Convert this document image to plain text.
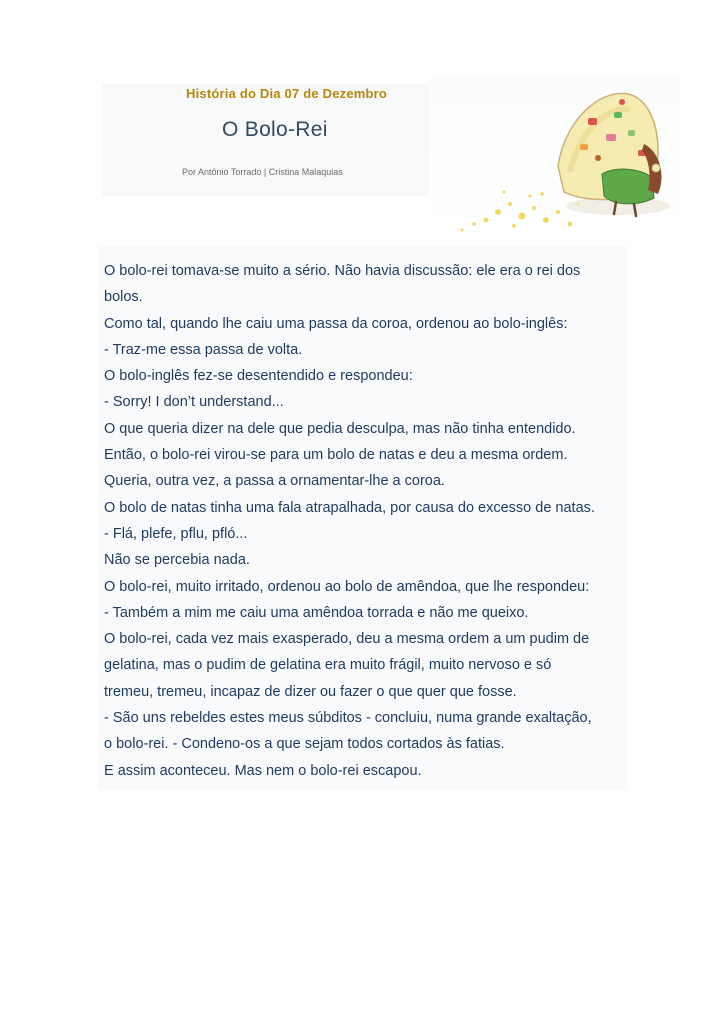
História do Dia 07 de Dezembro
O Bolo-Rei
Por Antônio Torrado | Cristina Malaquias

O bolo-rei tomava-se muito a sério. Não havia discussão: ele era o rei dos

bolos.

Como tal, quando lhe caiu uma passa da coroa, ordenou ao bolo-inglês:

- Traz-me essa passa de volta.

O bolo-inglês fez-se desentendido e respondeu:

- Sorry! I don’t understand...

O que queria dizer na dele que pedia desculpa, mas não tinha entendido.

Então, o bolo-rei virou-se para um bolo de natas e deu a mesma ordem.

Queria, outra vez, a passa a ornamentar-lhe a coroa.

O bolo de natas tinha uma fala atrapalhada, por causa do excesso de natas.

- Flá, plefe, pflu, pfló...

Não se percebia nada.

O bolo-rei, muito irritado, ordenou ao bolo de amêndoa, que lhe respondeu:

- Também a mim me caiu uma amêndoa torrada e não me queixo.

O bolo-rei, cada vez mais exasperado, deu a mesma ordem a um pudim de

gelatina, mas o pudim de gelatina era muito frágil, muito nervoso e só

tremeu, tremeu, incapaz de dizer ou fazer o que quer que fosse.

- São uns rebeldes estes meus súbditos - concluiu, numa grande exaltação,

o bolo-rei. - Condeno-os a que sejam todos cortados às fatias.

E assim aconteceu. Mas nem o bolo-rei escapou.
